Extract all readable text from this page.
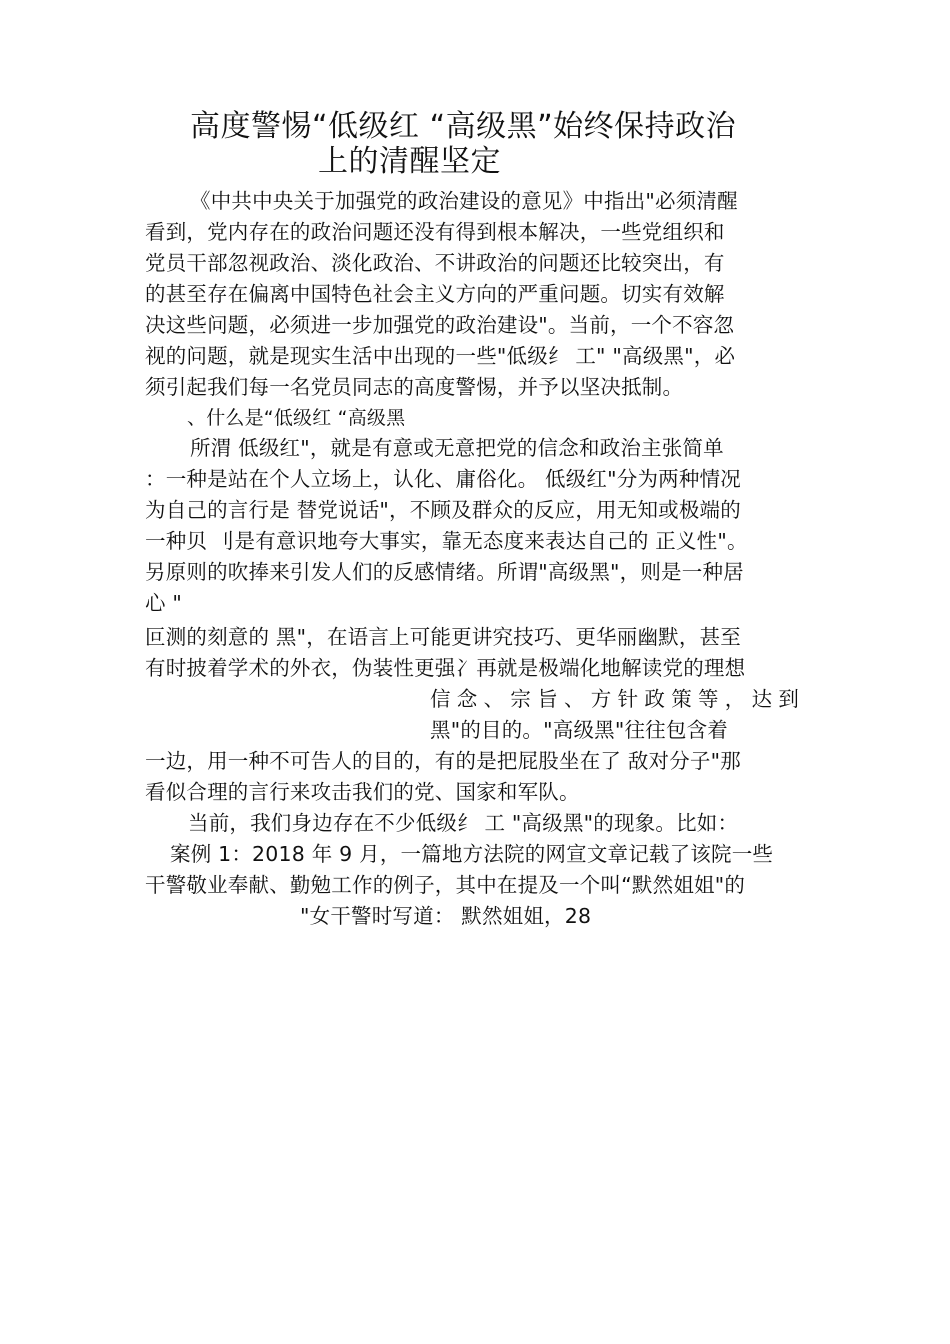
高度警惕“低级红 “高级黑”始终保持政治
上的清醒坚定
《中共中央关于加强党的政治建设的意见》中指出"必须清醒
看到，党内存在的政治问题还没有得到根本解决，一些党组织和
党员干部忽视政治、淡化政治、不讲政治的问题还比较突出，有
的甚至存在偏离中国特色社会主义方向的严重问题。切实有效解
决这些问题，必须进一步加强党的政治建设"。当前，一个不容忽
视的问题，就是现实生活中出现的一些"低级纟 工" "高级黑"，必
须引起我们每一名党员同志的高度警惕，并予以坚决抵制。
、什么是“低级红 “高级黑
所渭 低级红"，就是有意或无意把党的信念和政治主张简单
：一种是站在个人立场上，认化、庸俗化。 低级红"分为两种情况
为自己的言行是 替党说话"，不顾及群众的反应，用无知或极端的
一种贝 刂是有意识地夸大事实，靠无态度来表达自己的 正义性"。
另原则的吹捧来引发人们的反感情绪。所谓"高级黑"，则是一种居
心 "
叵测的刻意的 黑"，在语言上可能更讲究技巧、更华丽幽默，甚至
有时披着学术的外衣，伪装性更强冫再就是极端化地解读党的理想
信念、宗旨、方针政策等，达到
黑"的目的。"高级黑"往往包含着
一边，用一种不可告人的目的，有的是把屁股坐在了 敌对分子"那
看似合理的言行来攻击我们的党、国家和军队。
当前，我们身边存在不少低级纟 工 "高级黑"的现象。比如：
案例 1：2018 年 9 月，一篇地方法院的网宣文章记载了该院一些
干警敬业奉献、勤勉工作的例子，其中在提及一个叫“默然姐姐"的
"女干警时写道： 默然姐姐，28
